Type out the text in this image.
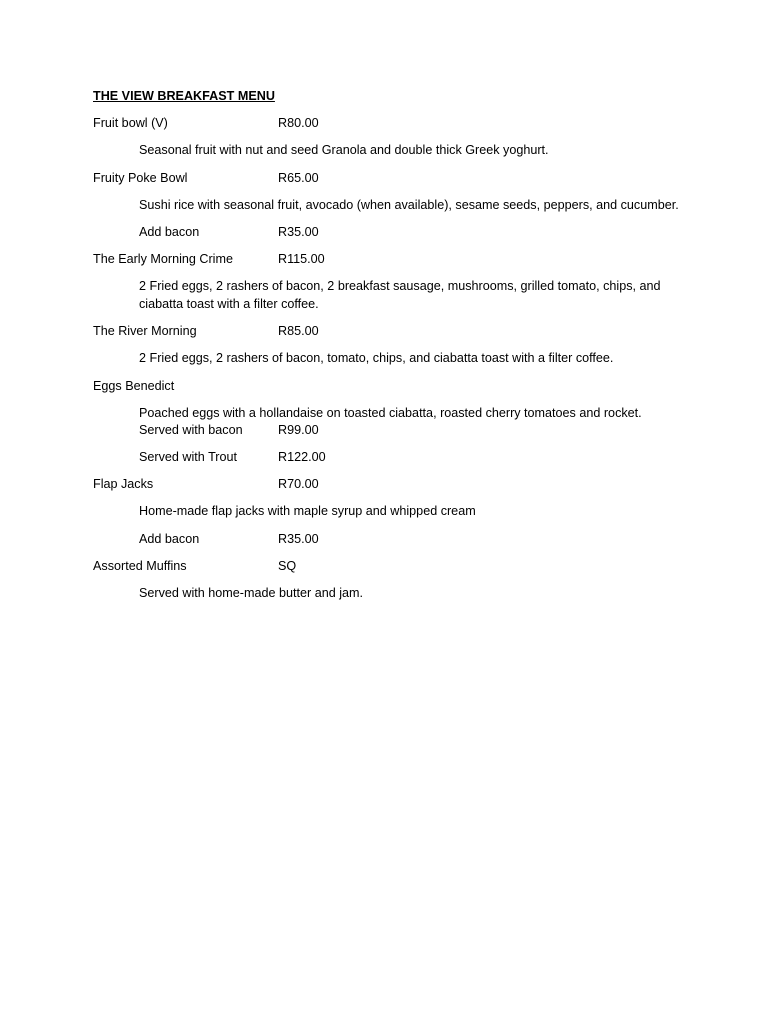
THE VIEW BREAKFAST MENU
Fruit bowl (V)	R80.00
Seasonal fruit with nut and seed Granola and double thick Greek yoghurt.
Fruity Poke Bowl	R65.00
Sushi rice with seasonal fruit, avocado (when available), sesame seeds, peppers, and cucumber.
Add bacon	R35.00
The Early Morning Crime	R115.00
2 Fried eggs, 2 rashers of bacon, 2 breakfast sausage, mushrooms, grilled tomato, chips, and ciabatta toast with a filter coffee.
The River Morning	R85.00
2 Fried eggs, 2 rashers of bacon, tomato, chips, and ciabatta toast with a filter coffee.
Eggs Benedict
Poached eggs with a hollandaise on toasted ciabatta, roasted cherry tomatoes and rocket.
Served with bacon	R99.00
Served with Trout	R122.00
Flap Jacks	R70.00
Home-made flap jacks with maple syrup and whipped cream
Add bacon	R35.00
Assorted Muffins	SQ
Served with home-made butter and jam.
